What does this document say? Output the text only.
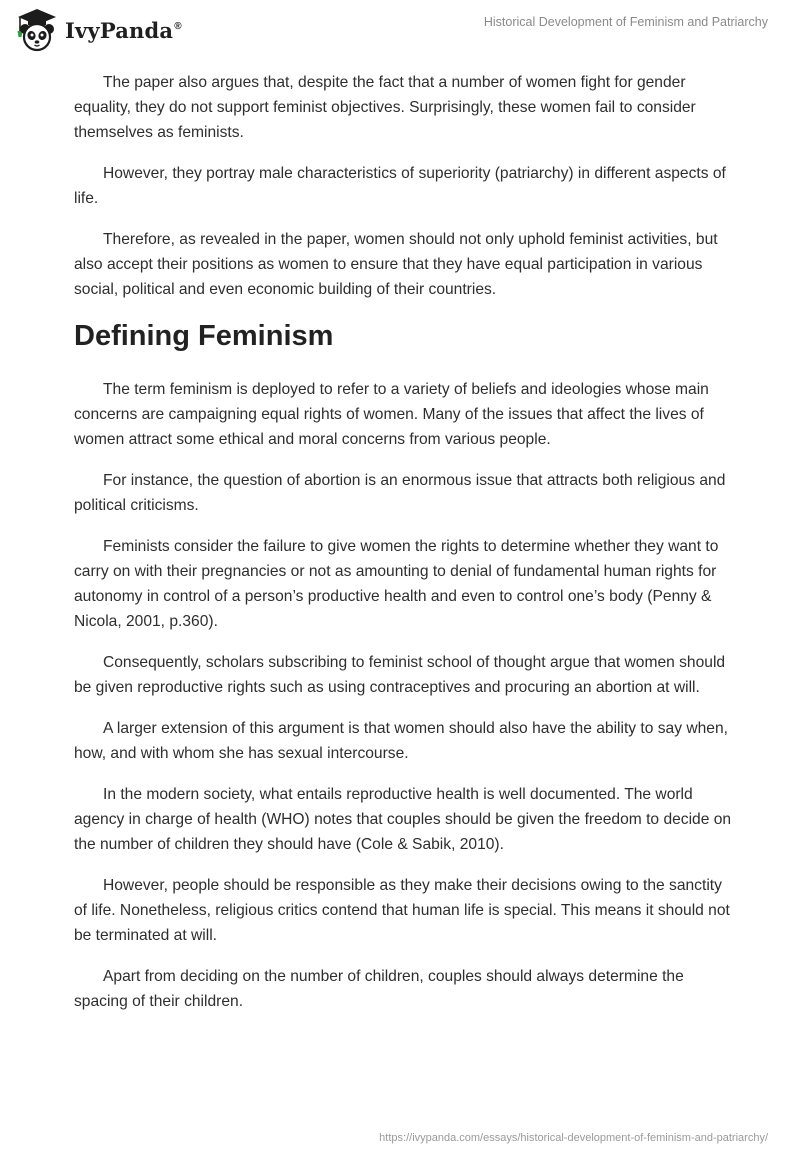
IvyPanda®	Historical Development of Feminism and Patriarchy

The paper also argues that, despite the fact that a number of women fight for gender equality, they do not support feminist objectives. Surprisingly, these women fail to consider themselves as feminists.

However, they portray male characteristics of superiority (patriarchy) in different aspects of life.

Therefore, as revealed in the paper, women should not only uphold feminist activities, but also accept their positions as women to ensure that they have equal participation in various social, political and even economic building of their countries.

Defining Feminism

The term feminism is deployed to refer to a variety of beliefs and ideologies whose main concerns are campaigning equal rights of women. Many of the issues that affect the lives of women attract some ethical and moral concerns from various people.

For instance, the question of abortion is an enormous issue that attracts both religious and political criticisms.

Feminists consider the failure to give women the rights to determine whether they want to carry on with their pregnancies or not as amounting to denial of fundamental human rights for autonomy in control of a person’s productive health and even to control one’s body (Penny & Nicola, 2001, p.360).

Consequently, scholars subscribing to feminist school of thought argue that women should be given reproductive rights such as using contraceptives and procuring an abortion at will.

A larger extension of this argument is that women should also have the ability to say when, how, and with whom she has sexual intercourse.

In the modern society, what entails reproductive health is well documented. The world agency in charge of health (WHO) notes that couples should be given the freedom to decide on the number of children they should have (Cole & Sabik, 2010).

However, people should be responsible as they make their decisions owing to the sanctity of life. Nonetheless, religious critics contend that human life is special. This means it should not be terminated at will.

Apart from deciding on the number of children, couples should always determine the spacing of their children.

https://ivypanda.com/essays/historical-development-of-feminism-and-patriarchy/
